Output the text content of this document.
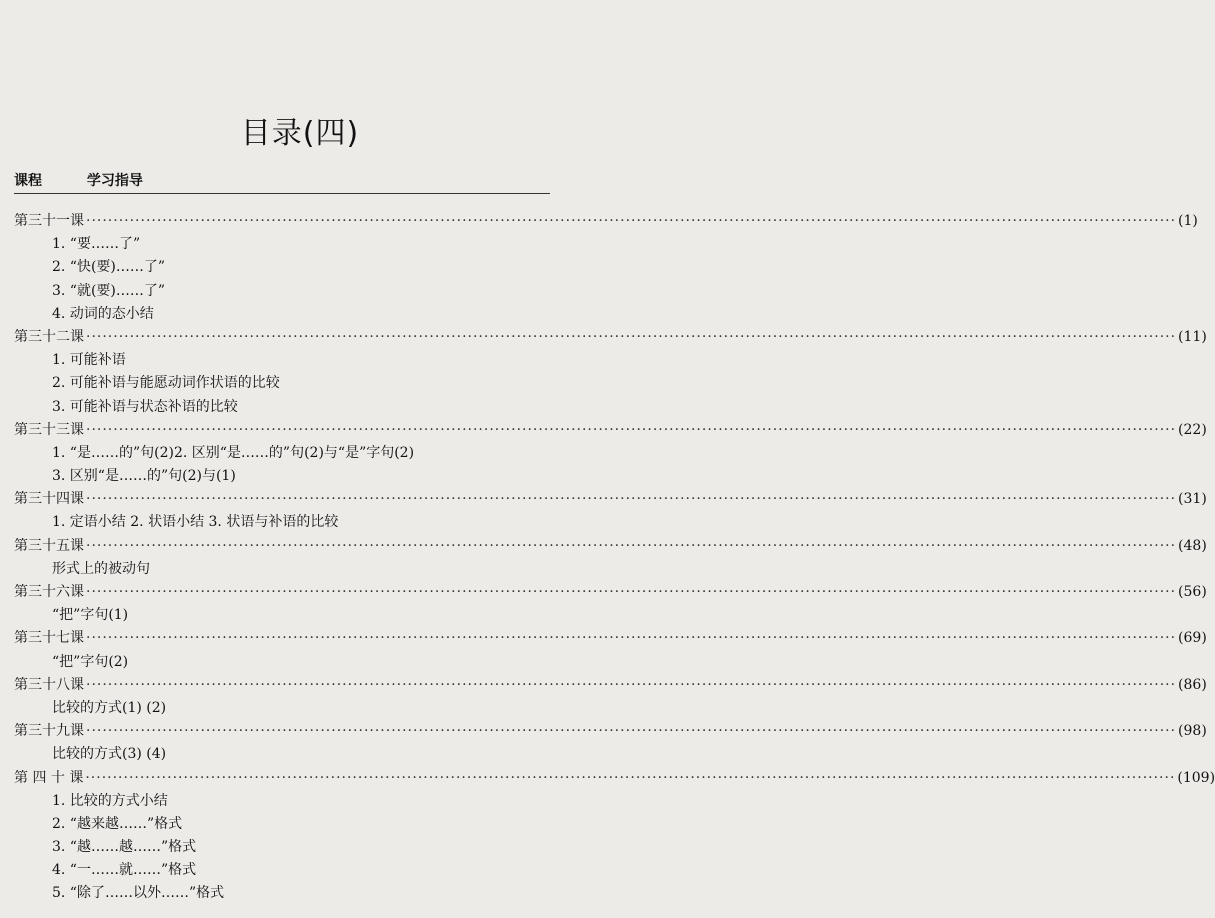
目录(四)
课程	学习指导
第三十一课 ········································································································································································································ (1)
1. “要……了”
2. “快(要)……了”
3. “就(要)……了”
4. 动词的态小结
第三十二课 ········································································································································································································ (11)
1. 可能补语
2. 可能补语与能愿动词作状语的比较
3. 可能补语与状态补语的比较
第三十三课 ········································································································································································································ (22)
1. “是……的”句(2)2. 区别“是……的”句(2)与“是”字句(2)
3. 区别“是……的”句(2)与(1)
第三十四课 ········································································································································································································ (31)
1. 定语小结 2. 状语小结 3. 状语与补语的比较
第三十五课 ········································································································································································································ (48)
形式上的被动句
第三十六课 ········································································································································································································ (56)
“把”字句(1)
第三十七课 ········································································································································································································ (69)
“把”字句(2)
第三十八课 ········································································································································································································ (86)
比较的方式(1) (2)
第三十九课 ········································································································································································································ (98)
比较的方式(3) (4)
第 四 十 课 ········································································································································································································ (109)
1. 比较的方式小结
2. “越来越……”格式
3. “越……越……”格式
4. “一……就……”格式
5. “除了……以外……”格式
